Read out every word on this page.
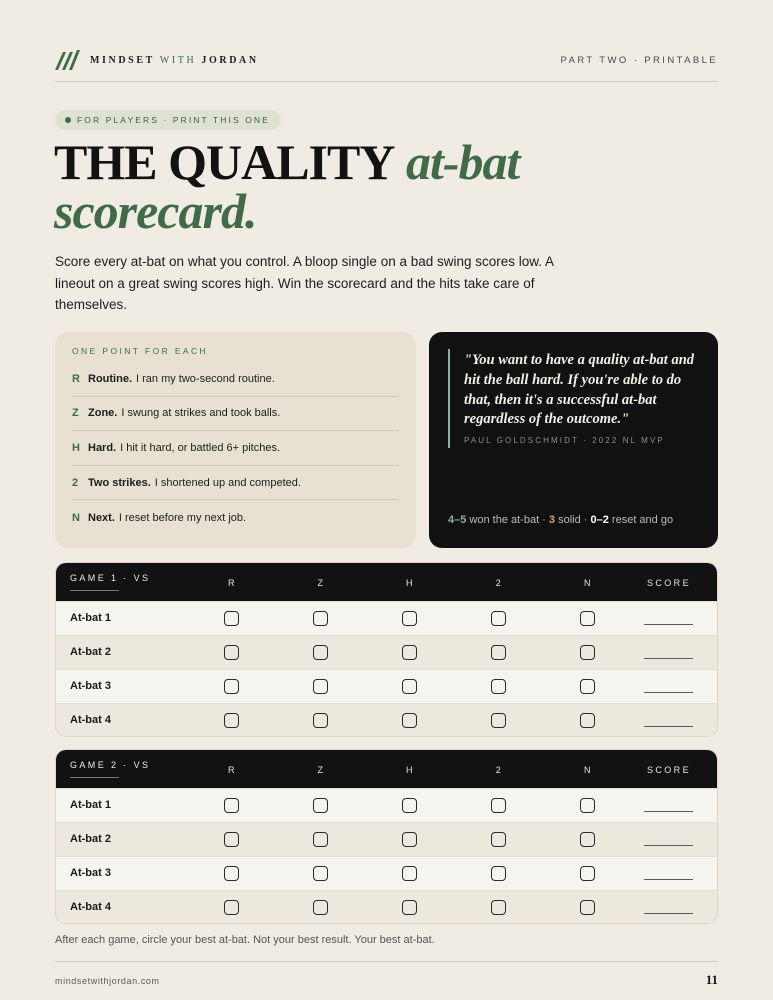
MINDSET WITH JORDAN	PART TWO · PRINTABLE
FOR PLAYERS · PRINT THIS ONE
THE QUALITY at-bat
scorecard.

Score every at-bat on what you control. A bloop single on a bad swing scores low. A lineout on a great swing scores high. Win the scorecard and the hits take care of themselves.

ONE POINT FOR EACH
R Routine. I ran my two-second routine.
Z Zone. I swung at strikes and took balls.
H Hard. I hit it hard, or battled 6+ pitches.
2 Two strikes. I shortened up and competed.
N Next. I reset before my next job.
"You want to have a quality at-bat and hit the ball hard. If you're able to do that, then it's a successful at-bat regardless of the outcome."
PAUL GOLDSCHMIDT · 2022 NL MVP
4–5 won the at-bat · 3 solid · 0–2 reset and go
GAME 1 · VS	R	Z	H	2	N	SCORE
At-bat 1
At-bat 2
At-bat 3
At-bat 4
GAME 2 · VS	R	Z	H	2	N	SCORE
At-bat 1
At-bat 2
At-bat 3
At-bat 4
After each game, circle your best at-bat. Not your best result. Your best at-bat.
mindsetwithjordan.com	11
